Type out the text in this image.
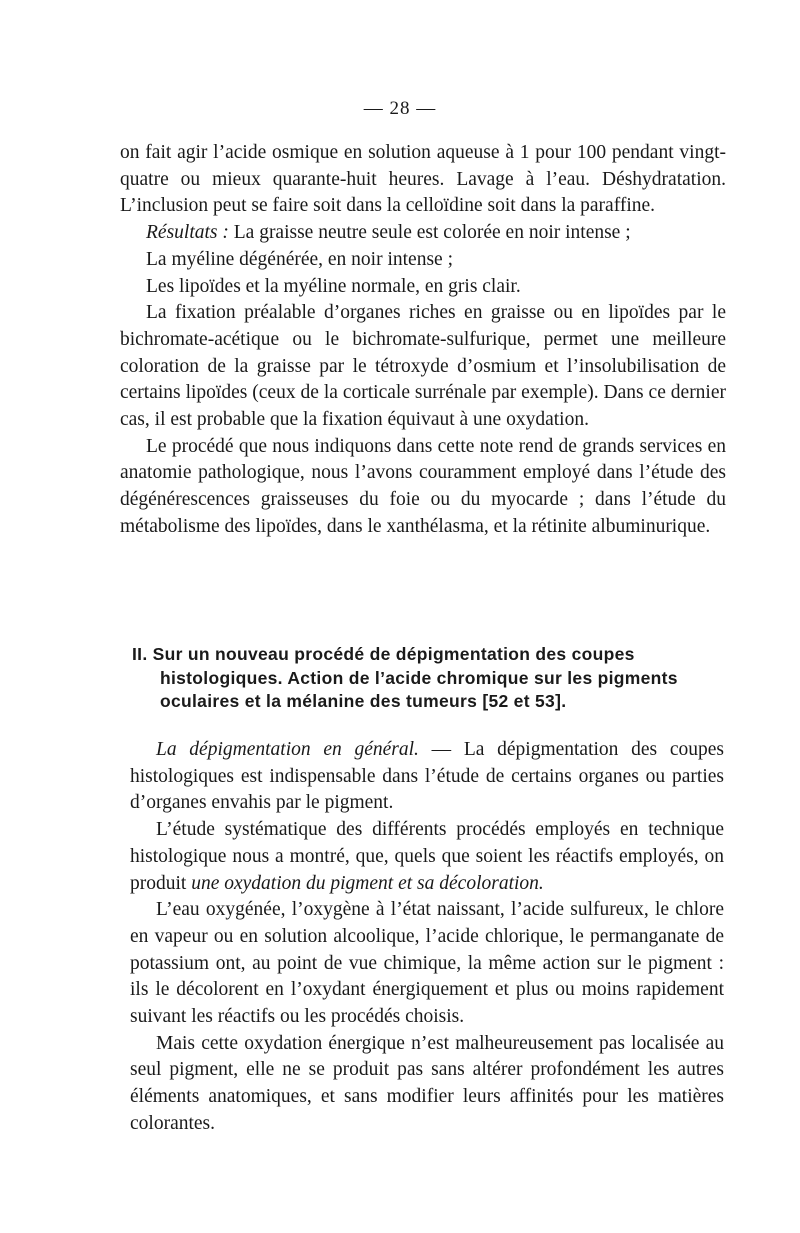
— 28 —

on fait agir l’acide osmique en solution aqueuse à 1 pour 100 pendant vingt-quatre ou mieux quarante-huit heures. Lavage à l’eau. Déshydratation. L’inclusion peut se faire soit dans la celloïdine soit dans la paraffine.

Résultats : La graisse neutre seule est colorée en noir intense ;

La myéline dégénérée, en noir intense ;

Les lipoïdes et la myéline normale, en gris clair.

La fixation préalable d’organes riches en graisse ou en lipoïdes par le bichromate-acétique ou le bichromate-sulfurique, permet une meilleure coloration de la graisse par le tétroxyde d’osmium et l’insolubilisation de certains lipoïdes (ceux de la corticale surrénale par exemple). Dans ce dernier cas, il est probable que la fixation équivaut à une oxydation.

Le procédé que nous indiquons dans cette note rend de grands services en anatomie pathologique, nous l’avons couramment employé dans l’étude des dégénérescences graisseuses du foie ou du myocarde ; dans l’étude du métabolisme des lipoïdes, dans le xanthélasma, et la rétinite albuminurique.

II. Sur un nouveau procédé de dépigmentation des coupes histologiques. Action de l’acide chromique sur les pigments oculaires et la mélanine des tumeurs [52 et 53].

La dépigmentation en général. — La dépigmentation des coupes histologiques est indispensable dans l’étude de certains organes ou parties d’organes envahis par le pigment.

L’étude systématique des différents procédés employés en technique histologique nous a montré, que, quels que soient les réactifs employés, on produit une oxydation du pigment et sa décoloration.

L’eau oxygénée, l’oxygène à l’état naissant, l’acide sulfureux, le chlore en vapeur ou en solution alcoolique, l’acide chlorique, le permanganate de potassium ont, au point de vue chimique, la même action sur le pigment : ils le décolorent en l’oxydant énergiquement et plus ou moins rapidement suivant les réactifs ou les procédés choisis.

Mais cette oxydation énergique n’est malheureusement pas localisée au seul pigment, elle ne se produit pas sans altérer profondément les autres éléments anatomiques, et sans modifier leurs affinités pour les matières colorantes.
